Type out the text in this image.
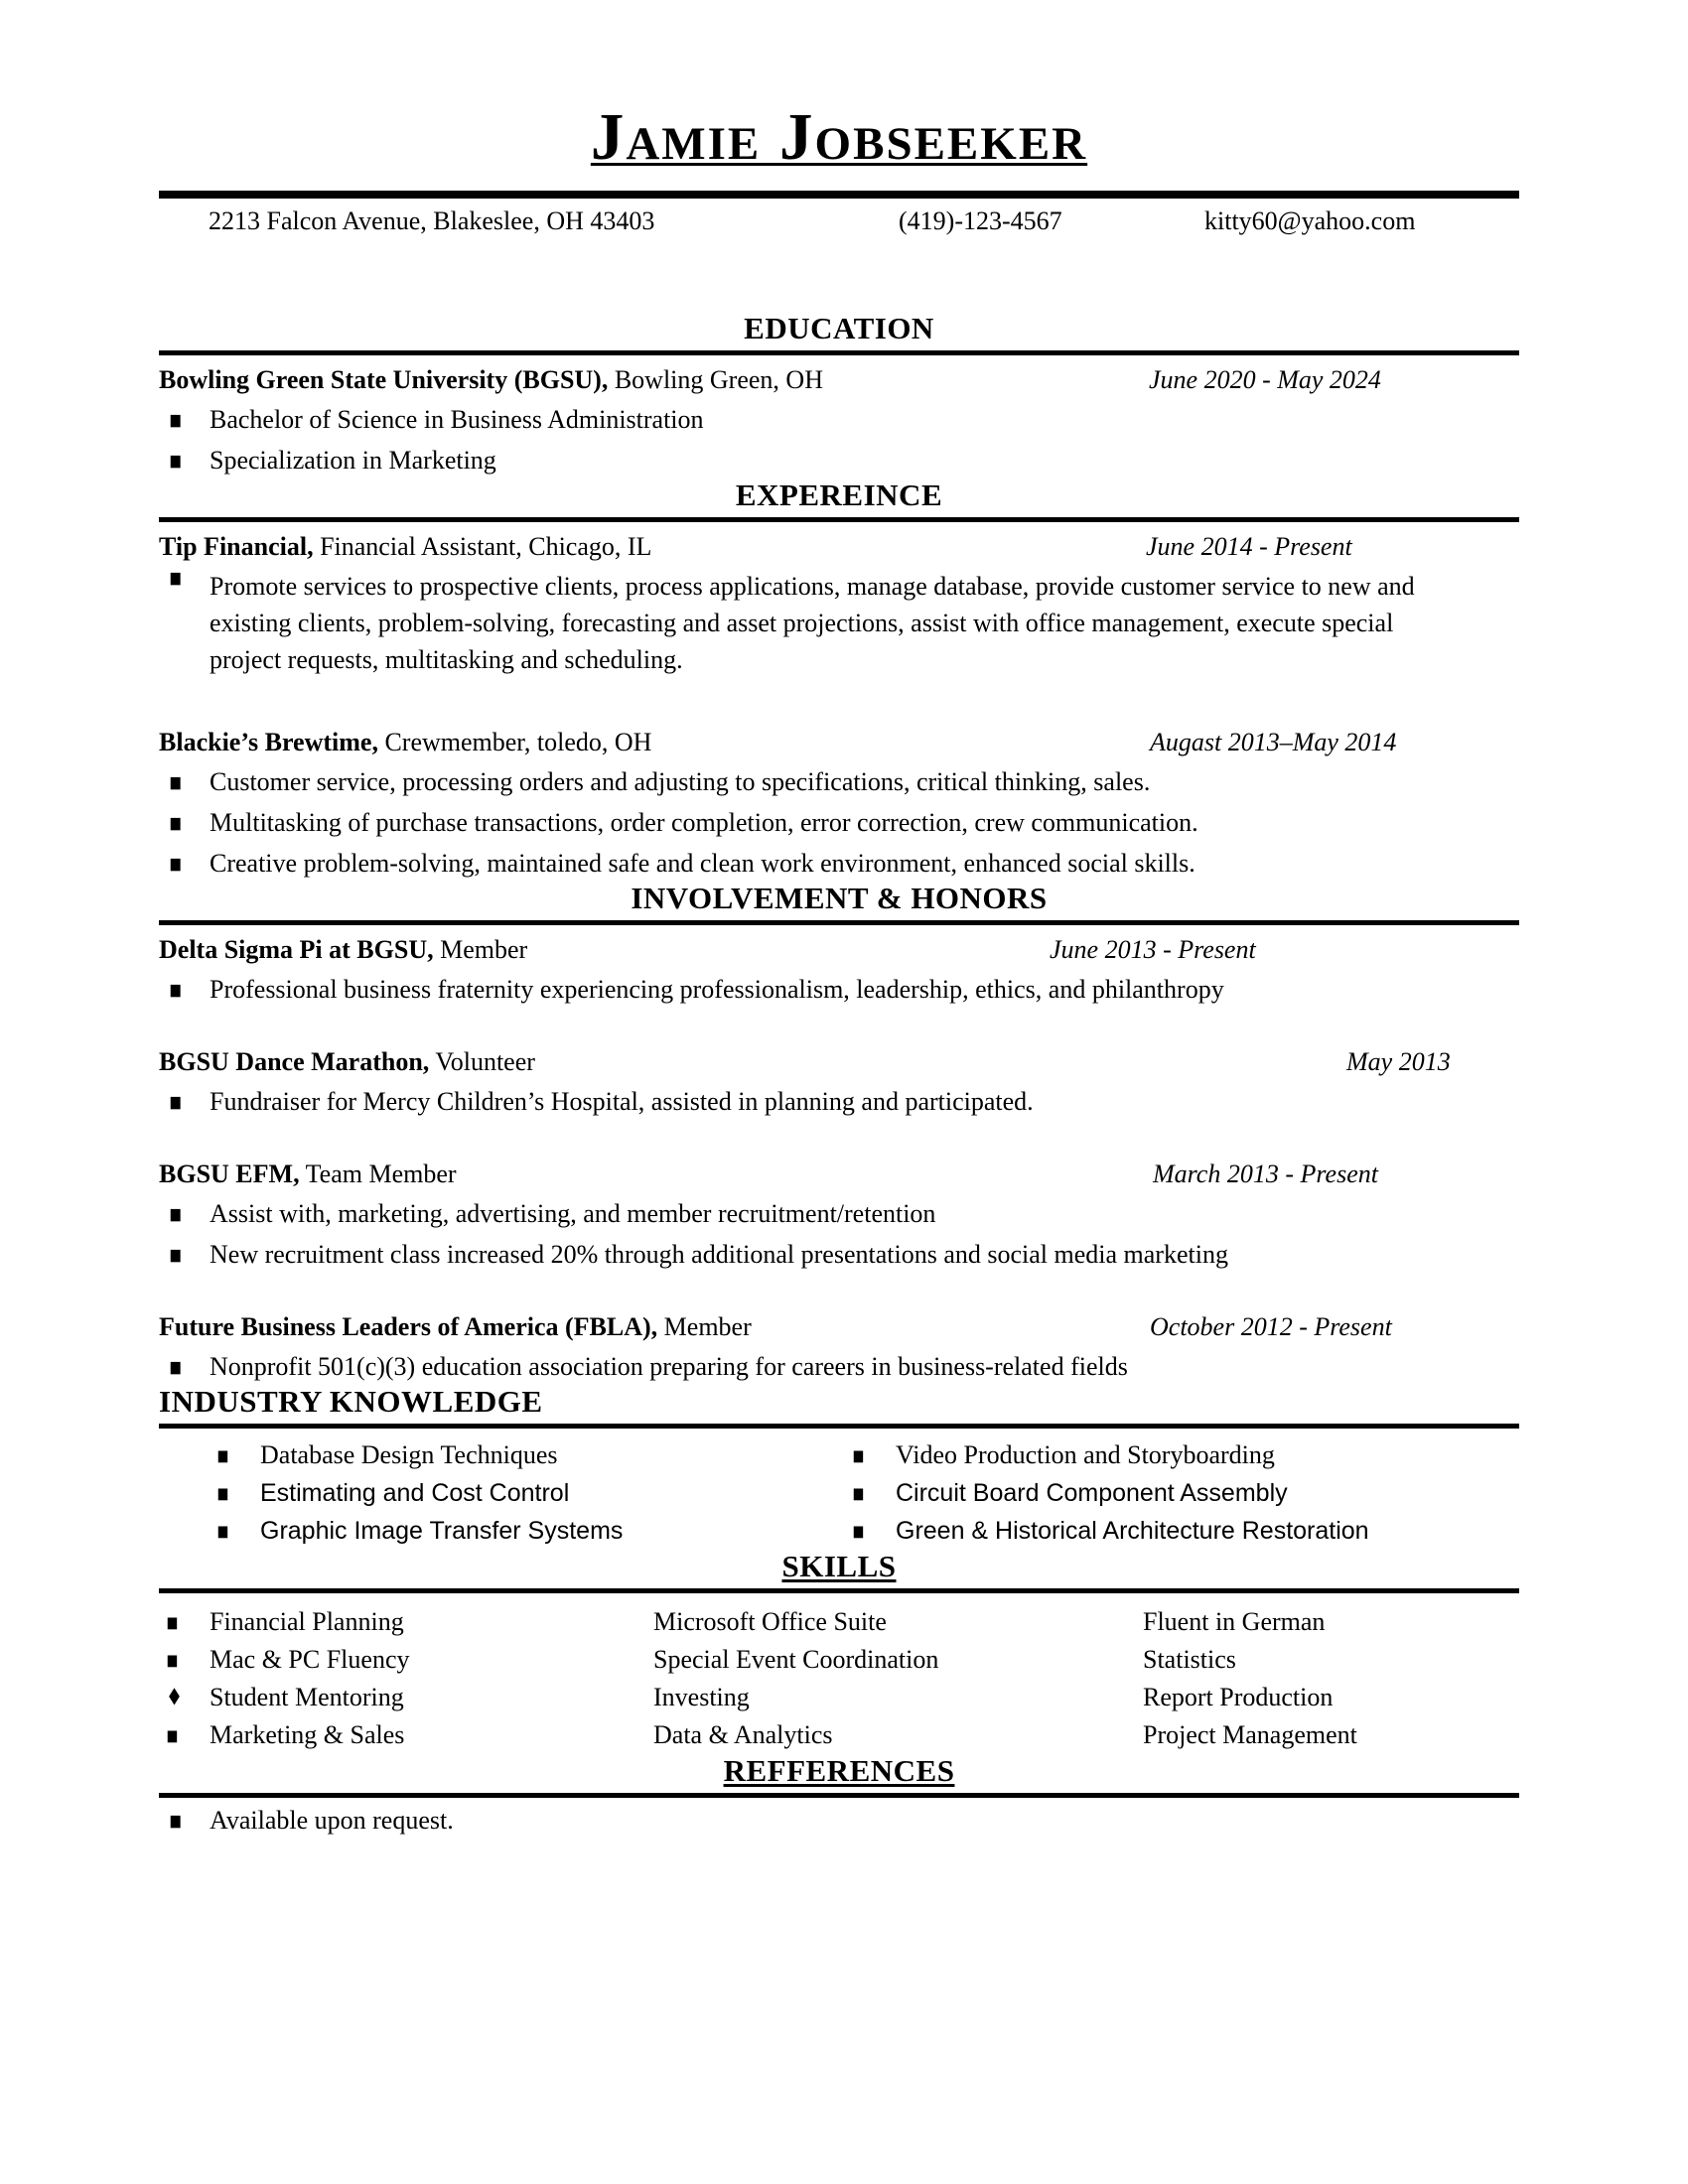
Jamie Jobseeker
2213 Falcon Avenue, Blakeslee, OH 43403	(419)-123-4567	kitty60@yahoo.com
EDUCATION
Bowling Green State University (BGSU), Bowling Green, OH	June 2020 - May 2024
▪	Bachelor of Science in Business Administration
▪	Specialization in Marketing
EXPEREINCE
Tip Financial, Financial Assistant, Chicago, IL	June 2014 - Present
▪	Promote services to prospective clients, process applications, manage database, provide customer service to new and existing clients, problem-solving, forecasting and asset projections, assist with office management, execute special project requests, multitasking and scheduling.
Blackie’s Brewtime, Crewmember, toledo, OH	Augast 2013–May 2014
▪	Customer service, processing orders and adjusting to specifications, critical thinking, sales.
▪	Multitasking of purchase transactions, order completion, error correction, crew communication.
▪	Creative problem-solving, maintained safe and clean work environment, enhanced social skills.
INVOLVEMENT & HONORS
Delta Sigma Pi at BGSU, Member	June 2013 - Present
▪	Professional business fraternity experiencing professionalism, leadership, ethics, and philanthropy
BGSU Dance Marathon, Volunteer	May 2013
▪	Fundraiser for Mercy Children’s Hospital, assisted in planning and participated.
BGSU EFM, Team Member	March 2013 - Present
▪	Assist with, marketing, advertising, and member recruitment/retention
▪	New recruitment class increased 20% through additional presentations and social media marketing
Future Business Leaders of America (FBLA), Member	October 2012 - Present
▪	Nonprofit 501(c)(3) education association preparing for careers in business-related fields
INDUSTRY KNOWLEDGE
▪	Database Design Techniques	▪	Video Production and Storyboarding
▪	Estimating and Cost Control	▪	Circuit Board Component Assembly
▪	Graphic Image Transfer Systems	▪	Green & Historical Architecture Restoration
SKILLS
▪	Financial Planning	Microsoft Office Suite	Fluent in German
▪	Mac & PC Fluency	Special Event Coordination	Statistics
♦	Student Mentoring	Investing	Report Production
▪	Marketing & Sales	Data & Analytics	Project Management
REFFERENCES
▪	Available upon request.
